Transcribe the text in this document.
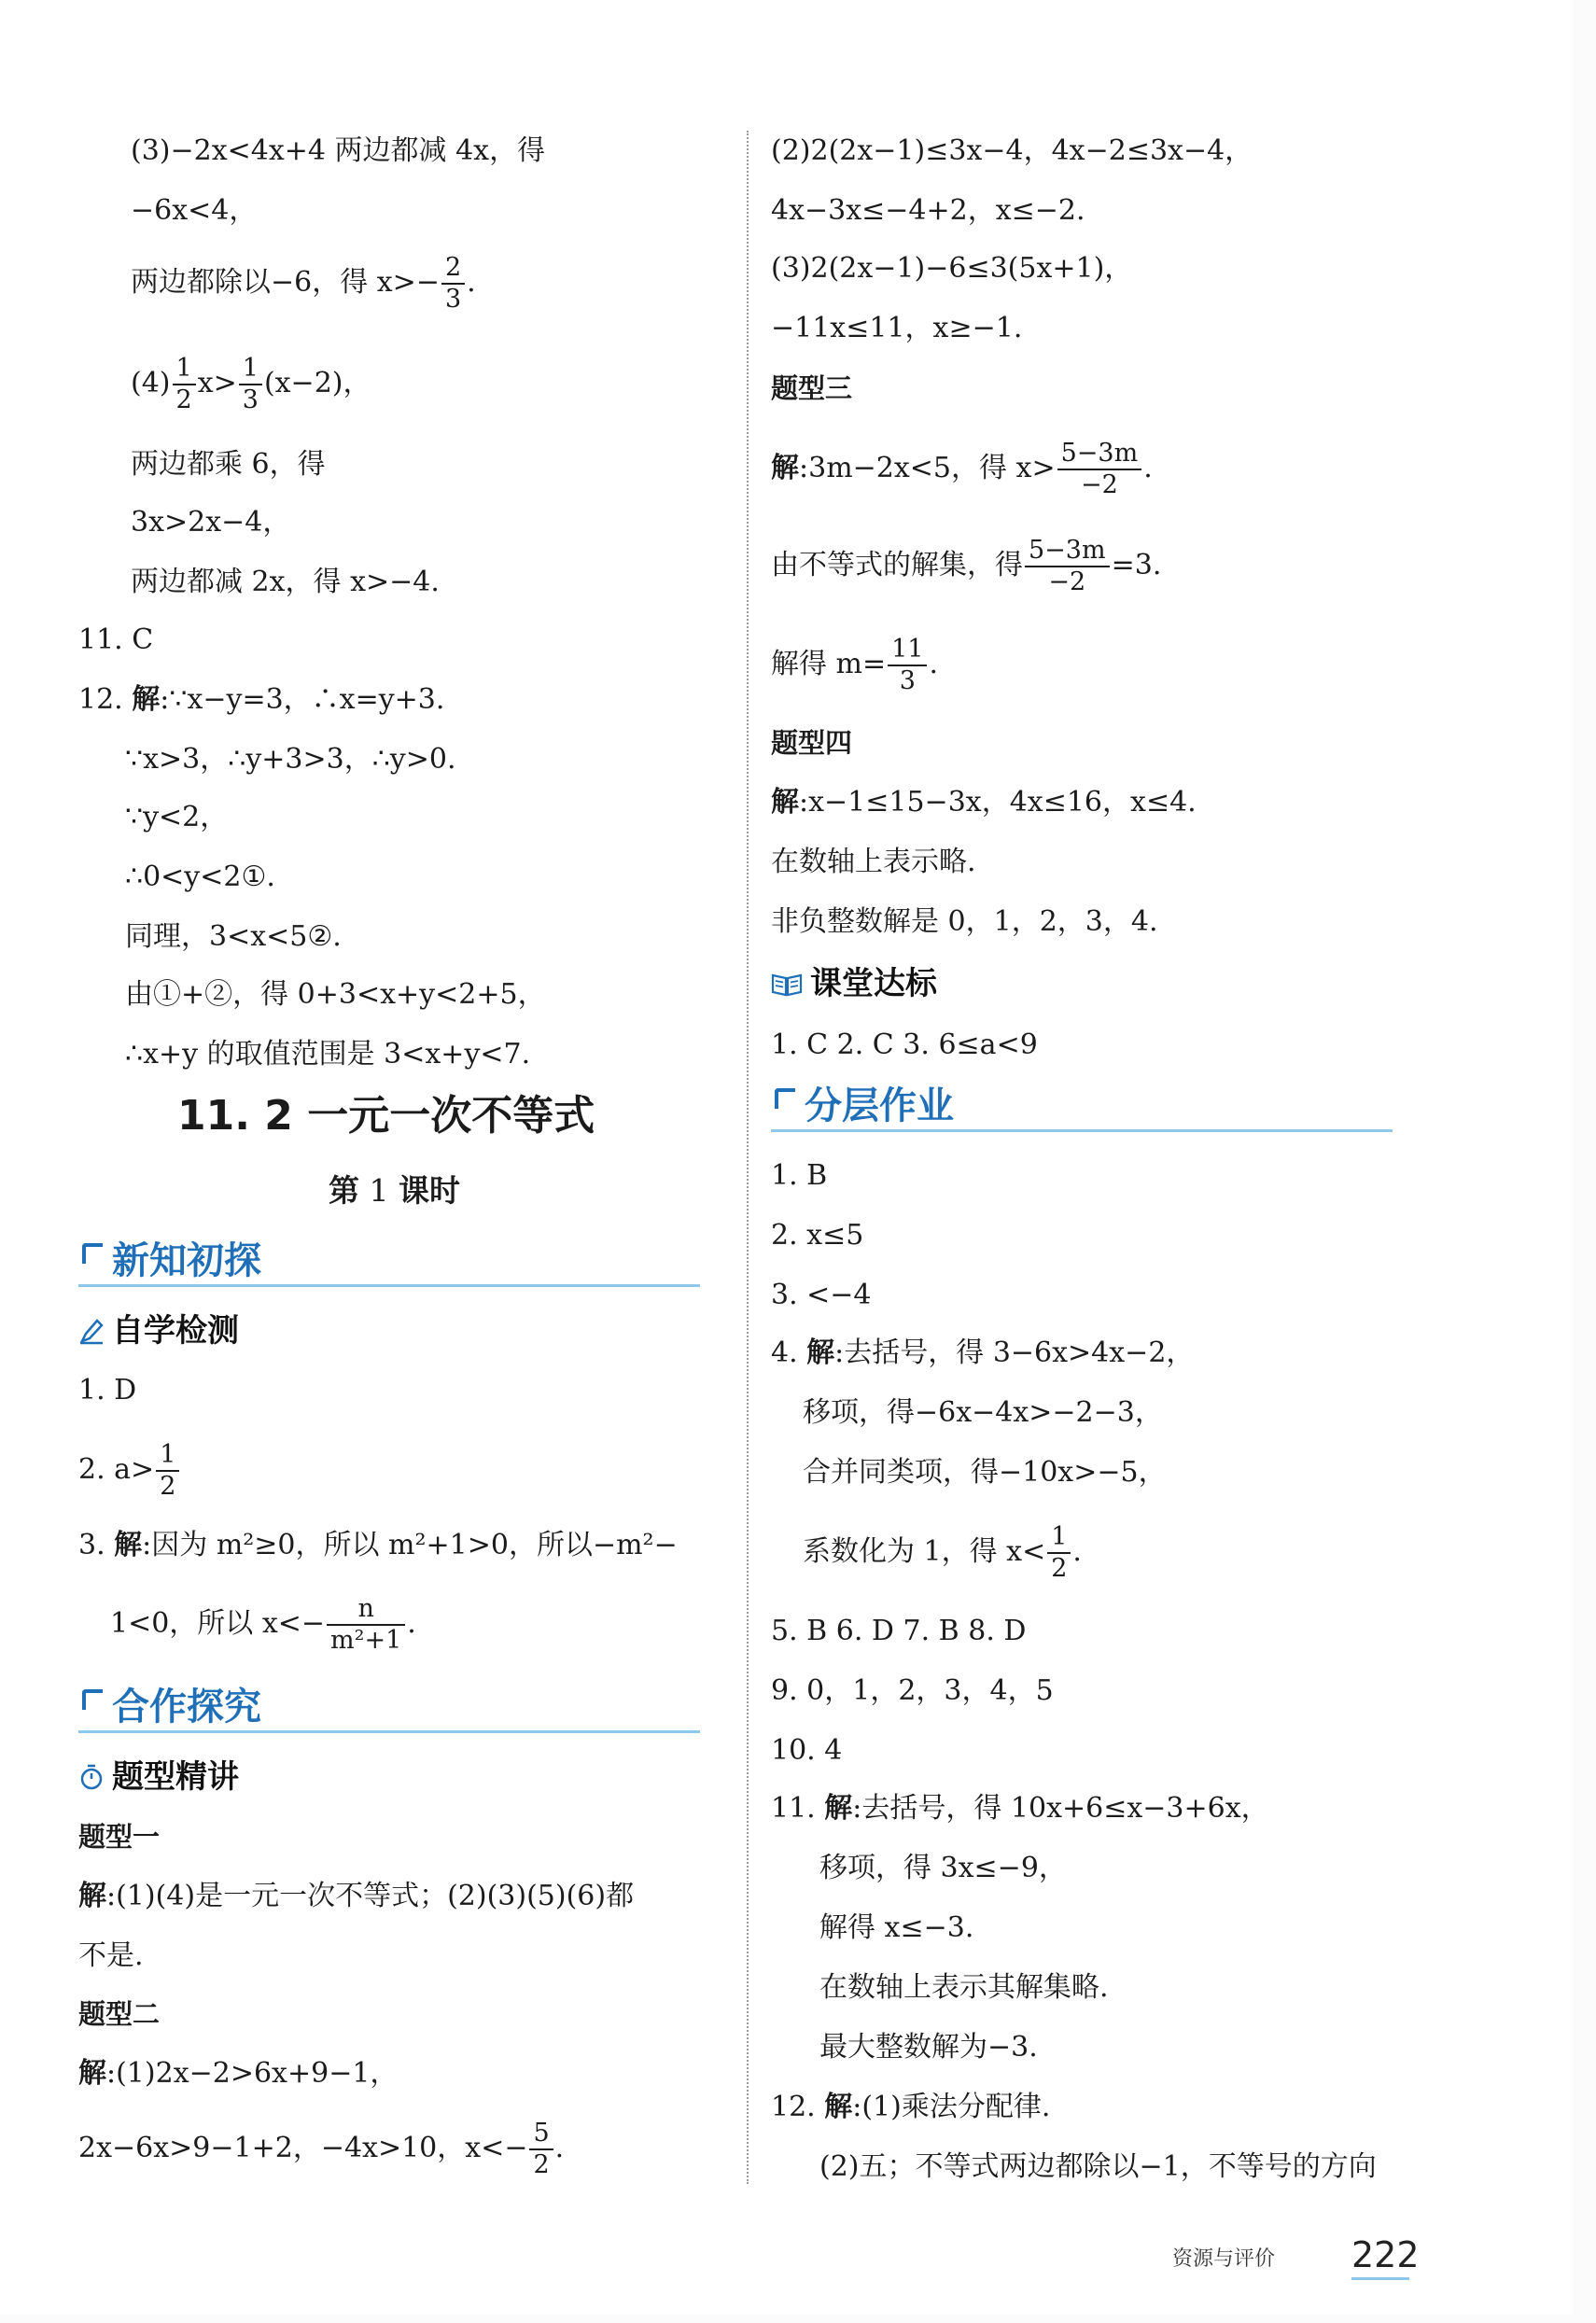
(3)−2x<4x+4 两边都减 4x，得
−6x<4，
两边都除以−6，得 $x>- \frac{2}{3}$ .
$(4) \frac{1}{2} x> \frac{1}{3} (x-2)$，
两边都乘 6，得
3x>2x−4，
两边都减 2x，得 x>−4.
11. C
12. 解:∵x−y=3，∴x=y+3.
∵x>3，∴y+3>3，∴y>0.
∵y<2，
∴0<y<2①.
同理，3<x<5②.
由①+②，得 0+3<x+y<2+5，
∴x+y 的取值范围是 3<x+y<7.
11. 2 一元一次不等式
第 1 课时
新知初探
自学检测
1. D
2. $a> \frac{1}{2}$
3. 解:因为 m²≥0，所以 m²+1>0，所以−m²−
1<0，所以 $x<- \frac{n}{\text{m²+1}}$ .
合作探究
题型精讲
题型一
解:(1)(4)是一元一次不等式；(2)(3)(5)(6)都
不是.
题型二
解:(1)2x−2>6x+9−1，
2x−6x>9−1+2，−4x>10，$x<- \frac{5}{2}$ .
(2)2(2x−1)≤3x−4，4x−2≤3x−4，
4x−3x≤−4+2，x≤−2.
(3)2(2x−1)−6≤3(5x+1)，
−11x≤11，x≥−1.
题型三
解:3m−2x<5，得 $x> \frac{5-3m}{-2}$ .
由不等式的解集，得 $\frac{5-3m}{-2} =3$.
解得 $m= \frac{11}{3}$ .
题型四
解:x−1≤15−3x，4x≤16，x≤4.
在数轴上表示略.
非负整数解是 0，1，2，3，4.
课堂达标
1. C 2. C 3. 6≤a<9
分层作业
1. B
2. x≤5
3. <−4
4. 解:去括号，得 3−6x>4x−2，
移项，得−6x−4x>−2−3，
合并同类项，得−10x>−5，
系数化为 1，得 $x< \frac{1}{2}$ .
5. B 6. D 7. B 8. D
9. 0，1，2，3，4，5
10. 4
11. 解:去括号，得 10x+6≤x−3+6x，
移项，得 3x≤−9，
解得 x≤−3.
在数轴上表示其解集略.
最大整数解为−3.
12. 解:(1)乘法分配律.
(2)五；不等式两边都除以−1，不等号的方向
资源与评价 222
